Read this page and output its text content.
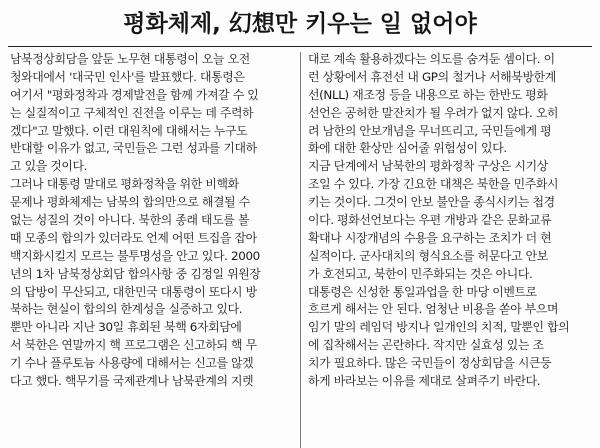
평화체제, 幻想만 키우는 일 없어야
남북정상회담을 앞둔 노무현 대통령이 오늘 오전
청와대에서 '대국민 인사'를 발표했다. 대통령은
여기서 "평화정착과 경제발전을 함께 가져갈 수 있
는 실질적이고 구체적인 진전을 이루는 데 주력하
겠다"고 말했다. 이런 대원칙에 대해서는 누구도
반대할 이유가 없고, 국민들은 그런 성과를 기대하
고 있을 것이다.
그러나 대통령 말대로 평화정착을 위한 비핵화
문제나 평화체제는 남북의 합의만으로 해결될 수
없는 성질의 것이 아니다. 북한의 종래 태도를 볼
때 모종의 합의가 있더라도 언제 어떤 트집을 잡아
백지화시킬지 모르는 불투명성을 안고 있다. 2000
년의 1차 남북정상회담 합의사항 중 김정일 위원장
의 답방이 무산되고, 대한민국 대통령이 또다시 방
북하는 현실이 합의의 한계성을 실증하고 있다.
뿐만 아니라 지난 30일 휴회된 북핵 6자회담에
서 북한은 연말까지 핵 프로그램은 신고하되 핵 무
기 수나 플루토늄 사용량에 대해서는 신고를 않겠
다고 했다. 핵무기를 국제관계나 남북관계의 지렛
대로 계속 활용하겠다는 의도를 숨겨둔 셈이다. 이
런 상황에서 휴전선 내 GP의 철거나 서해북방한계
선(NLL) 재조정 등을 내용으로 하는 한반도 평화
선언은 공허한 말잔치가 될 우려가 없지 않다. 오히
려 남한의 안보개념을 무너뜨리고, 국민들에게 평
화에 대한 환상만 심어줄 위험성이 있다.
지금 단계에서 남북한의 평화정착 구상은 시기상
조일 수 있다. 가장 긴요한 대책은 북한을 민주화시
키는 것이다. 그것이 안보 불안을 종식시키는 첩경
이다. 평화선언보다는 우편 개방과 같은 문화교류
확대나 시장개념의 수용을 요구하는 조치가 더 현
실적이다. 군사대치의 형식요소를 허문다고 안보
가 호전되고, 북한이 민주화되는 것은 아니다.
대통령은 신성한 통일과업을 한 마당 이벤트로
흐르게 해서는 안 된다. 엄청난 비용을 쏟아 부으며
임기 말의 레임덕 방지나 일개인의 치적, 말뿐인 합의
에 집착해서는 곤란하다. 작지만 실효성 있는 조
치가 필요하다. 많은 국민들이 정상회담을 시큰둥
하게 바라보는 이유를 제대로 살펴주기 바란다.
